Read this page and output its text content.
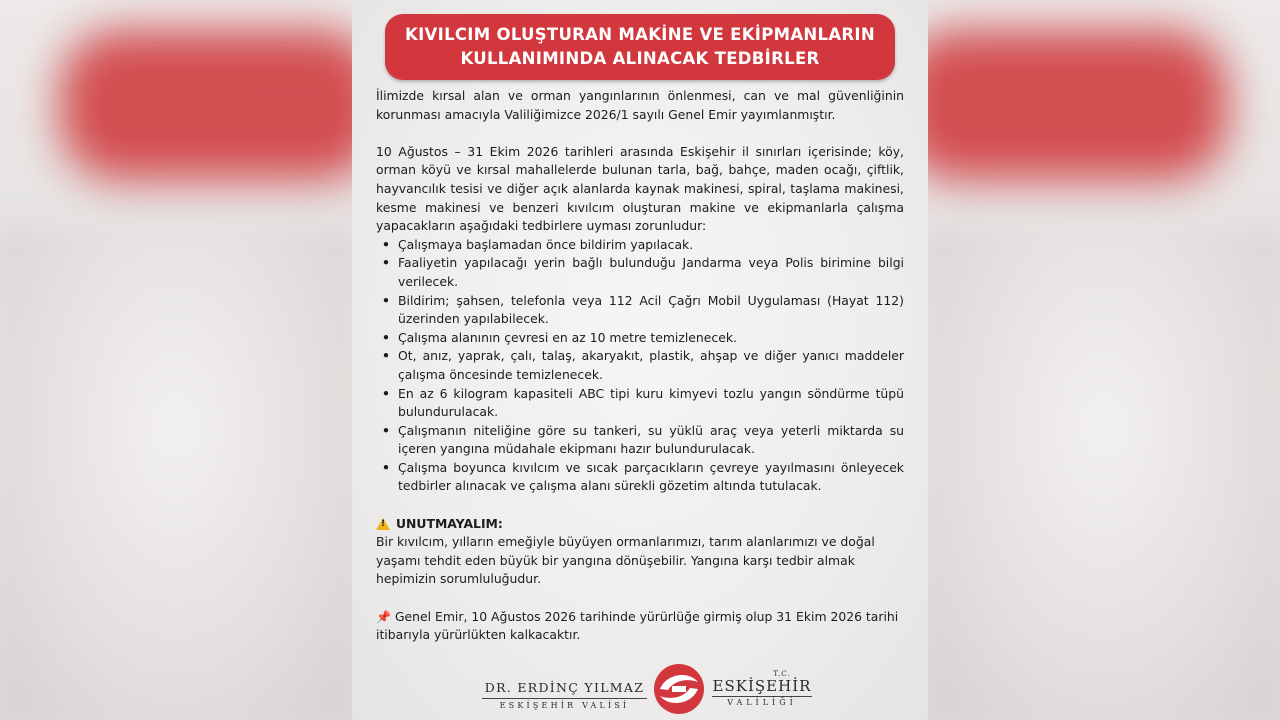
KIVILCIM OLUŞTURAN MAKİNE VE EKİPMANLARIN
KULLANIMINDA ALINACAK TEDBİRLER

İlimizde kırsal alan ve orman yangınlarının önlenmesi, can ve mal güvenliğinin korunması amacıyla Valiliğimizce 2026/1 sayılı Genel Emir yayımlanmıştır.

10 Ağustos – 31 Ekim 2026 tarihleri arasında Eskişehir il sınırları içerisinde; köy, orman köyü ve kırsal mahallelerde bulunan tarla, bağ, bahçe, maden ocağı, çiftlik, hayvancılık tesisi ve diğer açık alanlarda kaynak makinesi, spiral, taşlama makinesi, kesme makinesi ve benzeri kıvılcım oluşturan makine ve ekipmanlarla çalışma yapacakların aşağıdaki tedbirlere uyması zorunludur:

• Çalışmaya başlamadan önce bildirim yapılacak.
• Faaliyetin yapılacağı yerin bağlı bulunduğu Jandarma veya Polis birimine bilgi verilecek.
• Bildirim; şahsen, telefonla veya 112 Acil Çağrı Mobil Uygulaması (Hayat 112) üzerinden yapılabilecek.
• Çalışma alanının çevresi en az 10 metre temizlenecek.
• Ot, anız, yaprak, çalı, talaş, akaryakıt, plastik, ahşap ve diğer yanıcı maddeler çalışma öncesinde temizlenecek.
• En az 6 kilogram kapasiteli ABC tipi kuru kimyevi tozlu yangın söndürme tüpü bulundurulacak.
• Çalışmanın niteliğine göre su tankeri, su yüklü araç veya yeterli miktarda su içeren yangına müdahale ekipmanı hazır bulundurulacak.
• Çalışma boyunca kıvılcım ve sıcak parçacıkların çevreye yayılmasını önleyecek tedbirler alınacak ve çalışma alanı sürekli gözetim altında tutulacak.
!
UNUTMAYALIM:

Bir kıvılcım, yılların emeğiyle büyüyen ormanlarımızı, tarım alanlarımızı ve doğal yaşamı tehdit eden büyük bir yangına dönüşebilir. Yangına karşı tedbir almak hepimizin sorumluluğudur.

📌 Genel Emir, 10 Ağustos 2026 tarihinde yürürlüğe girmiş olup 31 Ekim 2026 tarihi itibarıyla yürürlükten kalkacaktır.

DR. ERDİNÇ YILMAZ
ESKİŞEHİR VALİSİ
T.C.
ESKİŞEHİR
VALİLİĞİ
